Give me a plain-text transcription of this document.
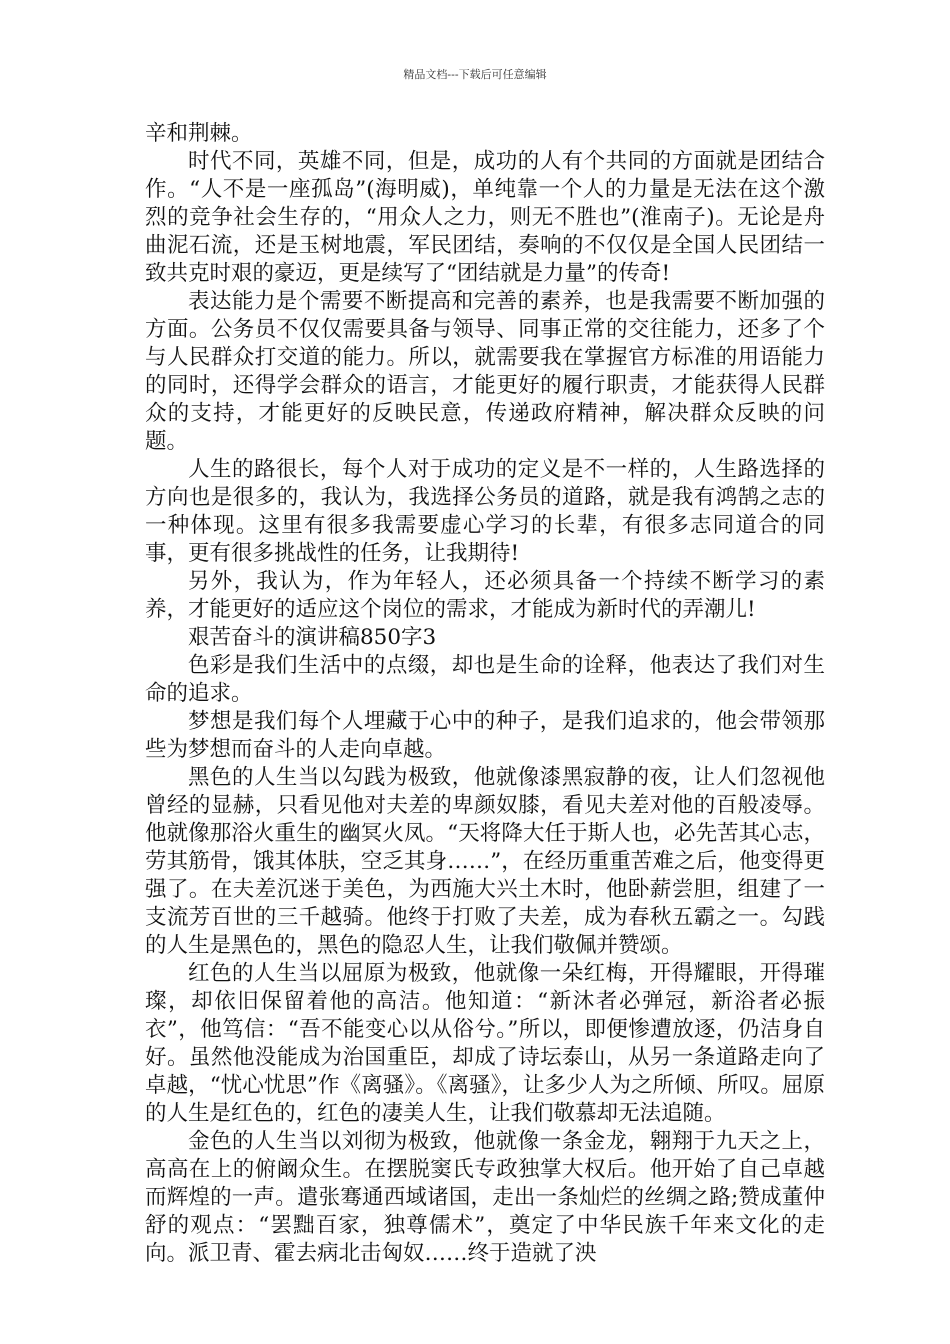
精品文档---下载后可任意编辑

辛和荆棘。

时代不同，英雄不同，但是，成功的人有个共同的方面就是团结合作。“人不是一座孤岛”(海明威)，单纯靠一个人的力量是无法在这个激烈的竞争社会生存的，“用众人之力，则无不胜也”(淮南子)。无论是舟曲泥石流，还是玉树地震，军民团结，奏响的不仅仅是全国人民团结一致共克时艰的豪迈，更是续写了“团结就是力量”的传奇!

表达能力是个需要不断提高和完善的素养，也是我需要不断加强的方面。公务员不仅仅需要具备与领导、同事正常的交往能力，还多了个与人民群众打交道的能力。所以，就需要我在掌握官方标准的用语能力的同时，还得学会群众的语言，才能更好的履行职责，才能获得人民群众的支持，才能更好的反映民意，传递政府精神，解决群众反映的问题。

人生的路很长，每个人对于成功的定义是不一样的，人生路选择的方向也是很多的，我认为，我选择公务员的道路，就是我有鸿鹄之志的一种体现。这里有很多我需要虚心学习的长辈，有很多志同道合的同事，更有很多挑战性的任务，让我期待!

另外，我认为，作为年轻人，还必须具备一个持续不断学习的素养，才能更好的适应这个岗位的需求，才能成为新时代的弄潮儿!

艰苦奋斗的演讲稿850字3

色彩是我们生活中的点缀，却也是生命的诠释，他表达了我们对生命的追求。

梦想是我们每个人埋藏于心中的种子，是我们追求的，他会带领那些为梦想而奋斗的人走向卓越。

黑色的人生当以勾践为极致，他就像漆黑寂静的夜，让人们忽视他曾经的显赫，只看见他对夫差的卑颜奴膝，看见夫差对他的百般凌辱。他就像那浴火重生的幽冥火凤。“天将降大任于斯人也，必先苦其心志，劳其筋骨，饿其体肤，空乏其身……”，在经历重重苦难之后，他变得更强了。在夫差沉迷于美色，为西施大兴土木时，他卧薪尝胆，组建了一支流芳百世的三千越骑。他终于打败了夫差，成为春秋五霸之一。勾践的人生是黑色的，黑色的隐忍人生，让我们敬佩并赞颂。

红色的人生当以屈原为极致，他就像一朵红梅，开得耀眼，开得璀璨，却依旧保留着他的高洁。他知道：“新沐者必弹冠，新浴者必振衣”，他笃信：“吾不能变心以从俗兮。”所以，即便惨遭放逐，仍洁身自好。虽然他没能成为治国重臣，却成了诗坛泰山，从另一条道路走向了卓越，“忧心忧思”作《离骚》。《离骚》，让多少人为之所倾、所叹。屈原的人生是红色的，红色的凄美人生，让我们敬慕却无法追随。

金色的人生当以刘彻为极致，他就像一条金龙，翱翔于九天之上，高高在上的俯阚众生。在摆脱窦氏专政独掌大权后。他开始了自己卓越而辉煌的一声。遣张骞通西域诸国，走出一条灿烂的丝绸之路;赞成董仲舒的观点：“罢黜百家，独尊儒术”，奠定了中华民族千年来文化的走向。派卫青、霍去病北击匈奴……终于造就了泱
